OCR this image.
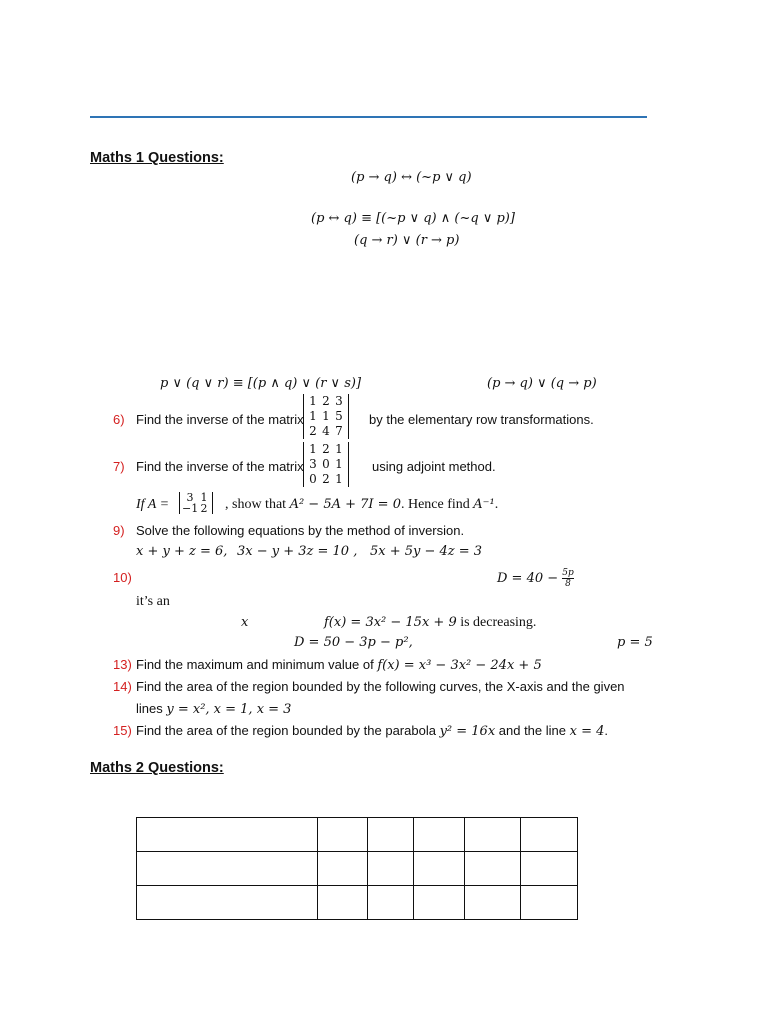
Maths 1 Questions:
(p → q) ↔ (~p ∨ q)
(p ↔ q) ≡ [(~p ∨ q) ∧ (~q ∨ p)]
(q → r) ∨ (r → p)
p ∨ (q ∨ r) ≡ [(p ∧ q) ∨ (r ∨ s)]	(p → q) ∨ (q → p)
6) Find the inverse of the matrix
1 2 3
1 1 5
2 4 7
by the elementary row transformations.
7) Find the inverse of the matrix
1 2 1
3 0 1
0 2 1
using adjoint method.
If A =	3 1
−1 2 , show that A² − 5A + 7I = 0. Hence find A⁻¹.
9) Solve the following equations by the method of inversion.
x + y + z = 6, 3x − y + 3z = 10 , 5x + 5y − 4z = 3
10)	$D = 40 - \frac{5p}{8}$
it’s an
x	f(x) = 3x² − 15x + 9 is decreasing.
D = 50 − 3p − p²,	p = 5
13) Find the maximum and minimum value of f(x) = x³ − 3x² − 24x + 5
14) Find the area of the region bounded by the following curves, the X-axis and the given
lines y = x², x = 1, x = 3
15) Find the area of the region bounded by the parabola y² = 16x and the line x = 4.
Maths 2 Questions:
